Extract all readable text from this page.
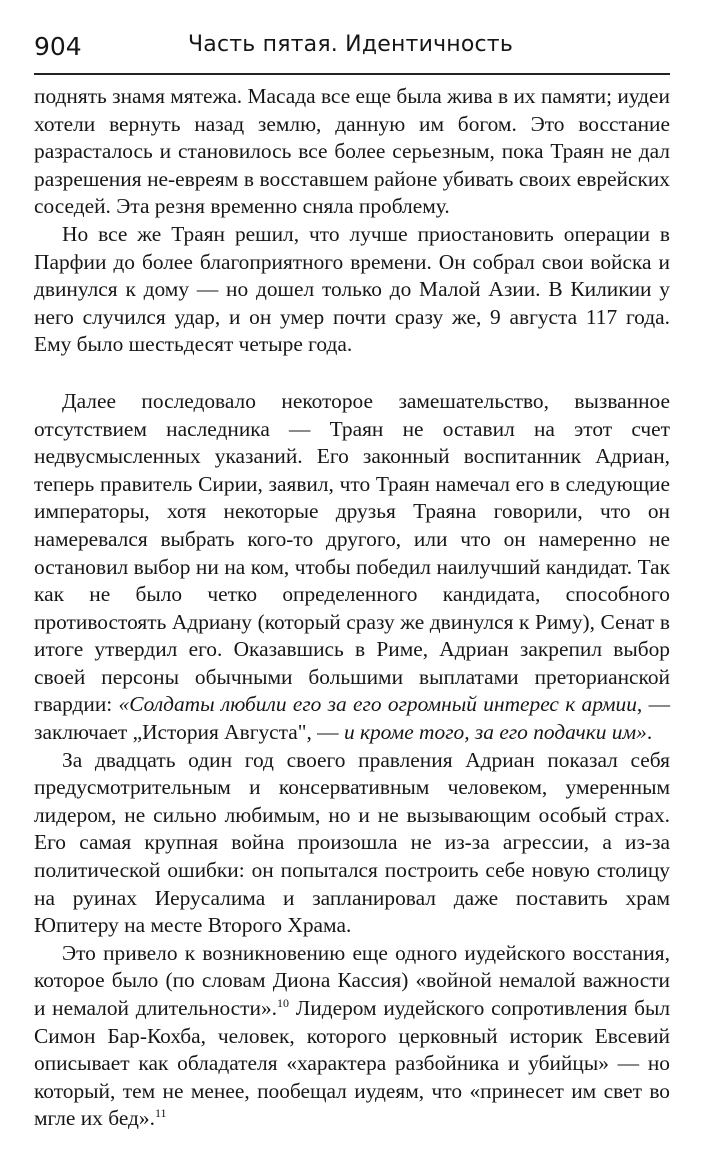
904	Часть пятая. Идентичность

поднять знамя мятежа. Масада все еще была жива в их памяти; иудеи хотели вернуть назад землю, данную им богом. Это восстание разрасталось и становилось все более серьезным, пока Траян не дал разрешения не-евреям в восставшем районе убивать своих еврейских соседей. Эта резня временно сняла проблему.

Но все же Траян решил, что лучше приостановить операции в Парфии до более благоприятного времени. Он собрал свои войска и двинулся к дому — но дошел только до Малой Азии. В Киликии у него случился удар, и он умер почти сразу же, 9 августа 117 года. Ему было шестьдесят четыре года.

Далее последовало некоторое замешательство, вызванное отсутствием наследника — Траян не оставил на этот счет недвусмысленных указаний. Его законный воспитанник Адриан, теперь правитель Сирии, заявил, что Траян намечал его в следующие императоры, хотя некоторые друзья Траяна говорили, что он намеревался выбрать кого-то другого, или что он намеренно не остановил выбор ни на ком, чтобы победил наилучший кандидат. Так как не было четко определенного кандидата, способного противостоять Адриану (который сразу же двинулся к Риму), Сенат в итоге утвердил его. Оказавшись в Риме, Адриан закрепил выбор своей персоны обычными большими выплатами преторианской гвардии: «Солдаты любили его за его огромный интерес к армии, — заключает „История Августа", — и кроме того, за его подачки им».

За двадцать один год своего правления Адриан показал себя предусмотрительным и консервативным человеком, умеренным лидером, не сильно любимым, но и не вызывающим особый страх. Его самая крупная война произошла не из-за агрессии, а из-за политической ошибки: он попытался построить себе новую столицу на руинах Иерусалима и запланировал даже поставить храм Юпитеру на месте Второго Храма.

Это привело к возникновению еще одного иудейского восстания, которое было (по словам Диона Кассия) «войной немалой важности и немалой длительности».$^{10}$ Лидером иудейского сопротивления был Симон Бар-Кохба, человек, которого церковный историк Евсевий описывает как обладателя «характера разбойника и убийцы» — но который, тем не менее, пообещал иудеям, что «принесет им свет во мгле их бед».$^{11}$
